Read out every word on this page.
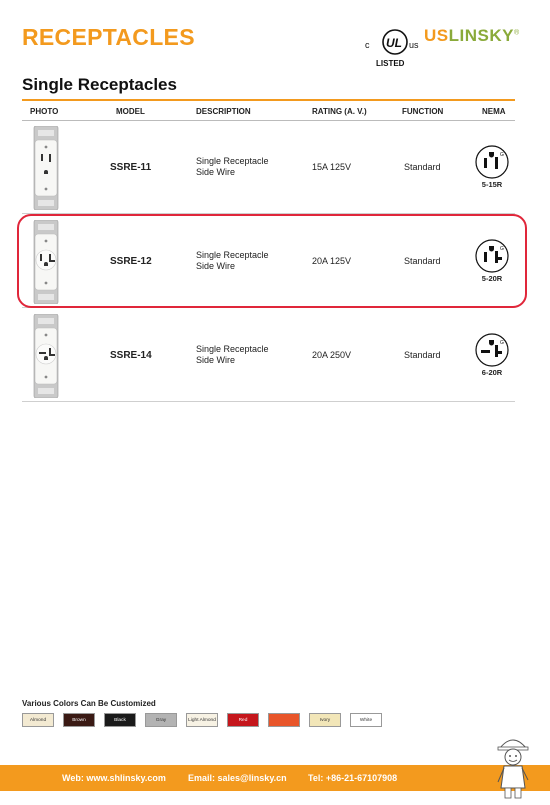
RECEPTACLES	c UL us
LISTED
USLINSKY®
Single Receptacles
PHOTO	MODEL	DESCRIPTION	RATING (A. V.)	FUNCTION	NEMA
SSRE-11
Single Receptacle
Side Wire	15A 125V	Standard
G
5-15R
SSRE-12
Single Receptacle
Side Wire	20A 125V	Standard
G
5-20R
SSRE-14
Single Receptacle
Side Wire	20A 250V	Standard
G
6-20R
Various Colors Can Be Customized
Almond	Brown	Black	Gray	Light Almond	Red	Ivory	White
Web: www.shlinsky.com Email: sales@linsky.cn Tel: +86-21-67107908
